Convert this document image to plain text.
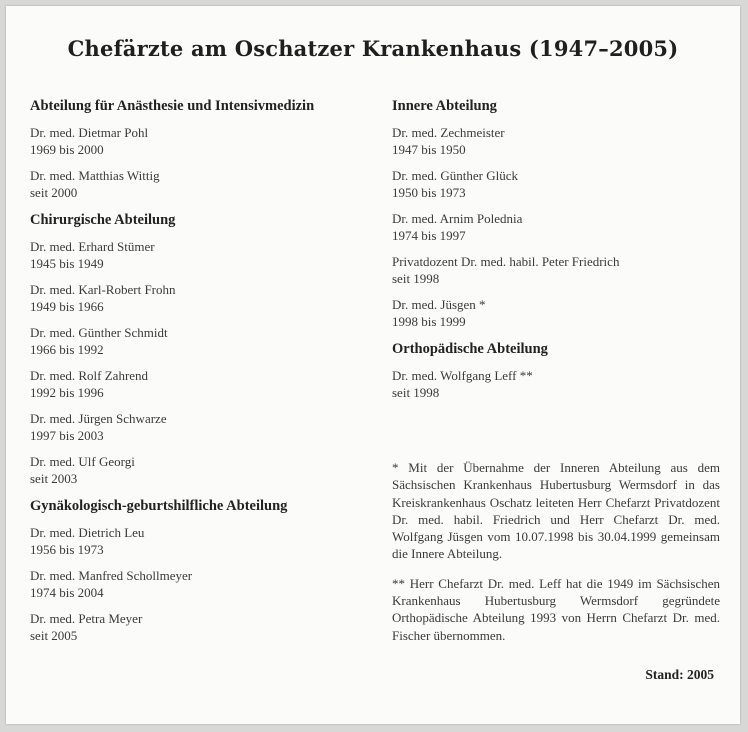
Chefärzte am Oschatzer Krankenhaus (1947–2005)
Abteilung für Anästhesie und Intensivmedizin
Dr. med. Dietmar Pohl
1969 bis 2000
Dr. med. Matthias Wittig
seit 2000
Chirurgische Abteilung
Dr. med. Erhard Stümer
1945 bis 1949
Dr. med. Karl-Robert Frohn
1949 bis 1966
Dr. med. Günther Schmidt
1966 bis 1992
Dr. med. Rolf Zahrend
1992 bis 1996
Dr. med. Jürgen Schwarze
1997 bis 2003
Dr. med. Ulf Georgi
seit 2003
Gynäkologisch-geburtshilfliche Abteilung
Dr. med. Dietrich Leu
1956 bis 1973
Dr. med. Manfred Schollmeyer
1974 bis 2004
Dr. med. Petra Meyer
seit 2005
Innere Abteilung
Dr. med. Zechmeister
1947 bis 1950
Dr. med. Günther Glück
1950 bis 1973
Dr. med. Arnim Polednia
1974 bis 1997
Privatdozent Dr. med. habil. Peter Friedrich
seit 1998
Dr. med. Jüsgen *
1998 bis 1999
Orthopädische Abteilung
Dr. med. Wolfgang Leff **
seit 1998

* Mit der Übernahme der Inneren Abteilung aus dem Sächsischen Krankenhaus Hubertusburg Wermsdorf in das Kreiskrankenhaus Oschatz leiteten Herr Chefarzt Privatdozent Dr. med. habil. Friedrich und Herr Chefarzt Dr. med. Wolfgang Jüsgen vom 10.07.1998 bis 30.04.1999 gemeinsam die Innere Abteilung.

** Herr Chefarzt Dr. med. Leff hat die 1949 im Sächsischen Krankenhaus Hubertusburg Wermsdorf gegründete Orthopädische Abteilung 1993 von Herrn Chefarzt Dr. med. Fischer übernommen.

Stand: 2005
